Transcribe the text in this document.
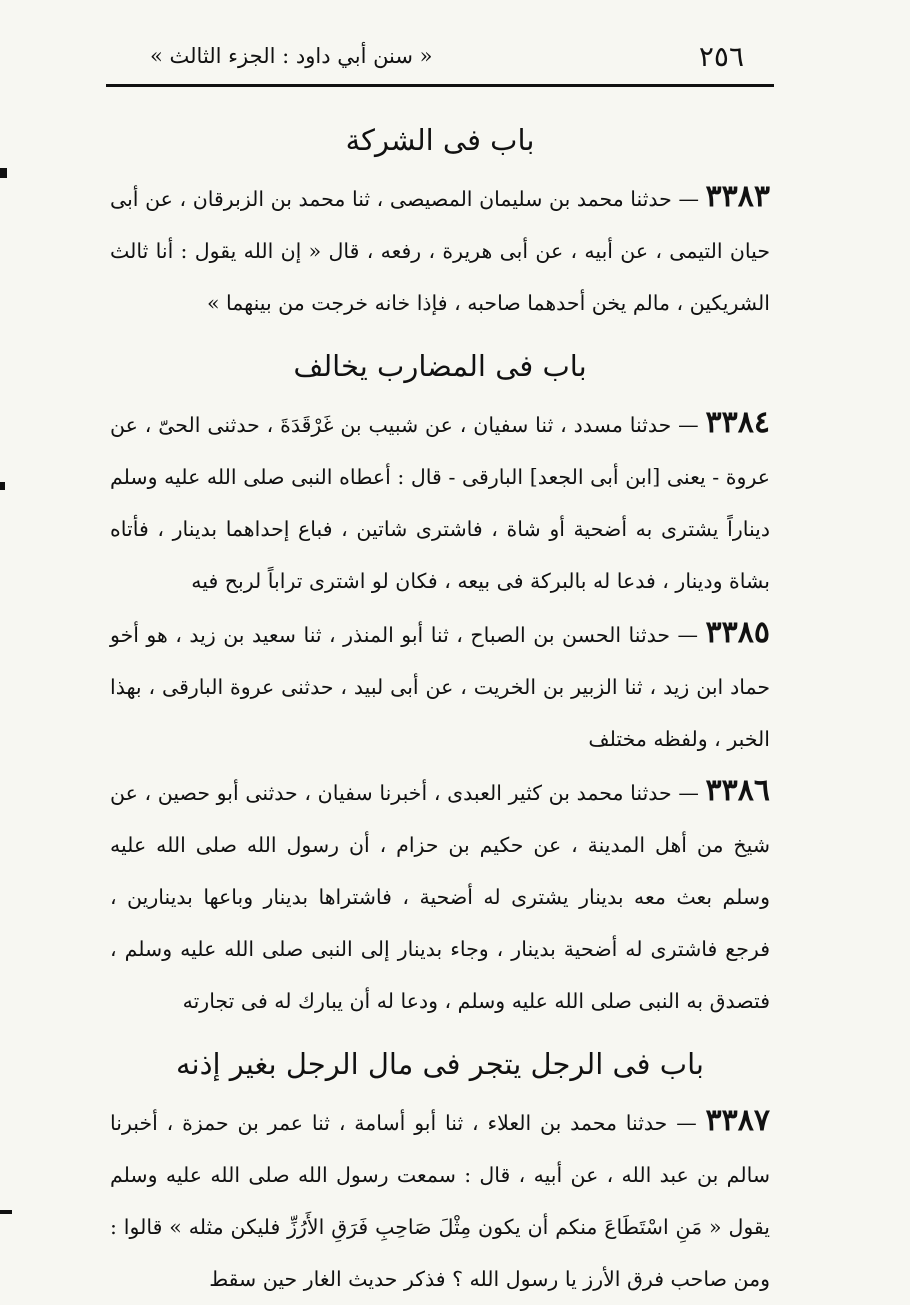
٢٥٦
« سنن أبي داود : الجزء الثالث »
باب فى الشركة

٣٣٨٣ — حدثنا محمد بن سليمان المصيصى ، ثنا محمد بن الزبرقان ، عن أبى حيان التيمى ، عن أبيه ، عن أبى هريرة ، رفعه ، قال « إن الله يقول : أنا ثالث الشريكين ، مالم يخن أحدهما صاحبه ، فإذا خانه خرجت من بينهما »

باب فى المضارب يخالف

٣٣٨٤ — حدثنا مسدد ، ثنا سفيان ، عن شبيب بن غَرْقَدَةَ ، حدثنى الحىّ ، عن عروة - يعنى [ابن أبى الجعد] البارقى - قال : أعطاه النبى صلى الله عليه وسلم ديناراً يشترى به أضحية أو شاة ، فاشترى شاتين ، فباع إحداهما بدينار ، فأتاه بشاة ودينار ، فدعا له بالبركة فى بيعه ، فكان لو اشترى تراباً لربح فيه

٣٣٨٥ — حدثنا الحسن بن الصباح ، ثنا أبو المنذر ، ثنا سعيد بن زيد ، هو أخو حماد ابن زيد ، ثنا الزبير بن الخريت ، عن أبى لبيد ، حدثنى عروة البارقى ، بهذا الخبر ، ولفظه مختلف

٣٣٨٦ — حدثنا محمد بن كثير العبدى ، أخبرنا سفيان ، حدثنى أبو حصين ، عن شيخ من أهل المدينة ، عن حكيم بن حزام ، أن رسول الله صلى الله عليه وسلم بعث معه بدينار يشترى له أضحية ، فاشتراها بدينار وباعها بدينارين ، فرجع فاشترى له أضحية بدينار ، وجاء بدينار إلى النبى صلى الله عليه وسلم ، فتصدق به النبى صلى الله عليه وسلم ، ودعا له أن يبارك له فى تجارته

باب فى الرجل يتجر فى مال الرجل بغير إذنه

٣٣٨٧ — حدثنا محمد بن العلاء ، ثنا أبو أسامة ، ثنا عمر بن حمزة ، أخبرنا سالم بن عبد الله ، عن أبيه ، قال : سمعت رسول الله صلى الله عليه وسلم يقول « مَنِ اسْتَطَاعَ منكم أن يكون مِثْلَ صَاحِبِ فَرَقِ الأَرُزِّ فليكن مثله » قالوا : ومن صاحب فرق الأرز يا رسول الله ؟ فذكر حديث الغار حين سقط
